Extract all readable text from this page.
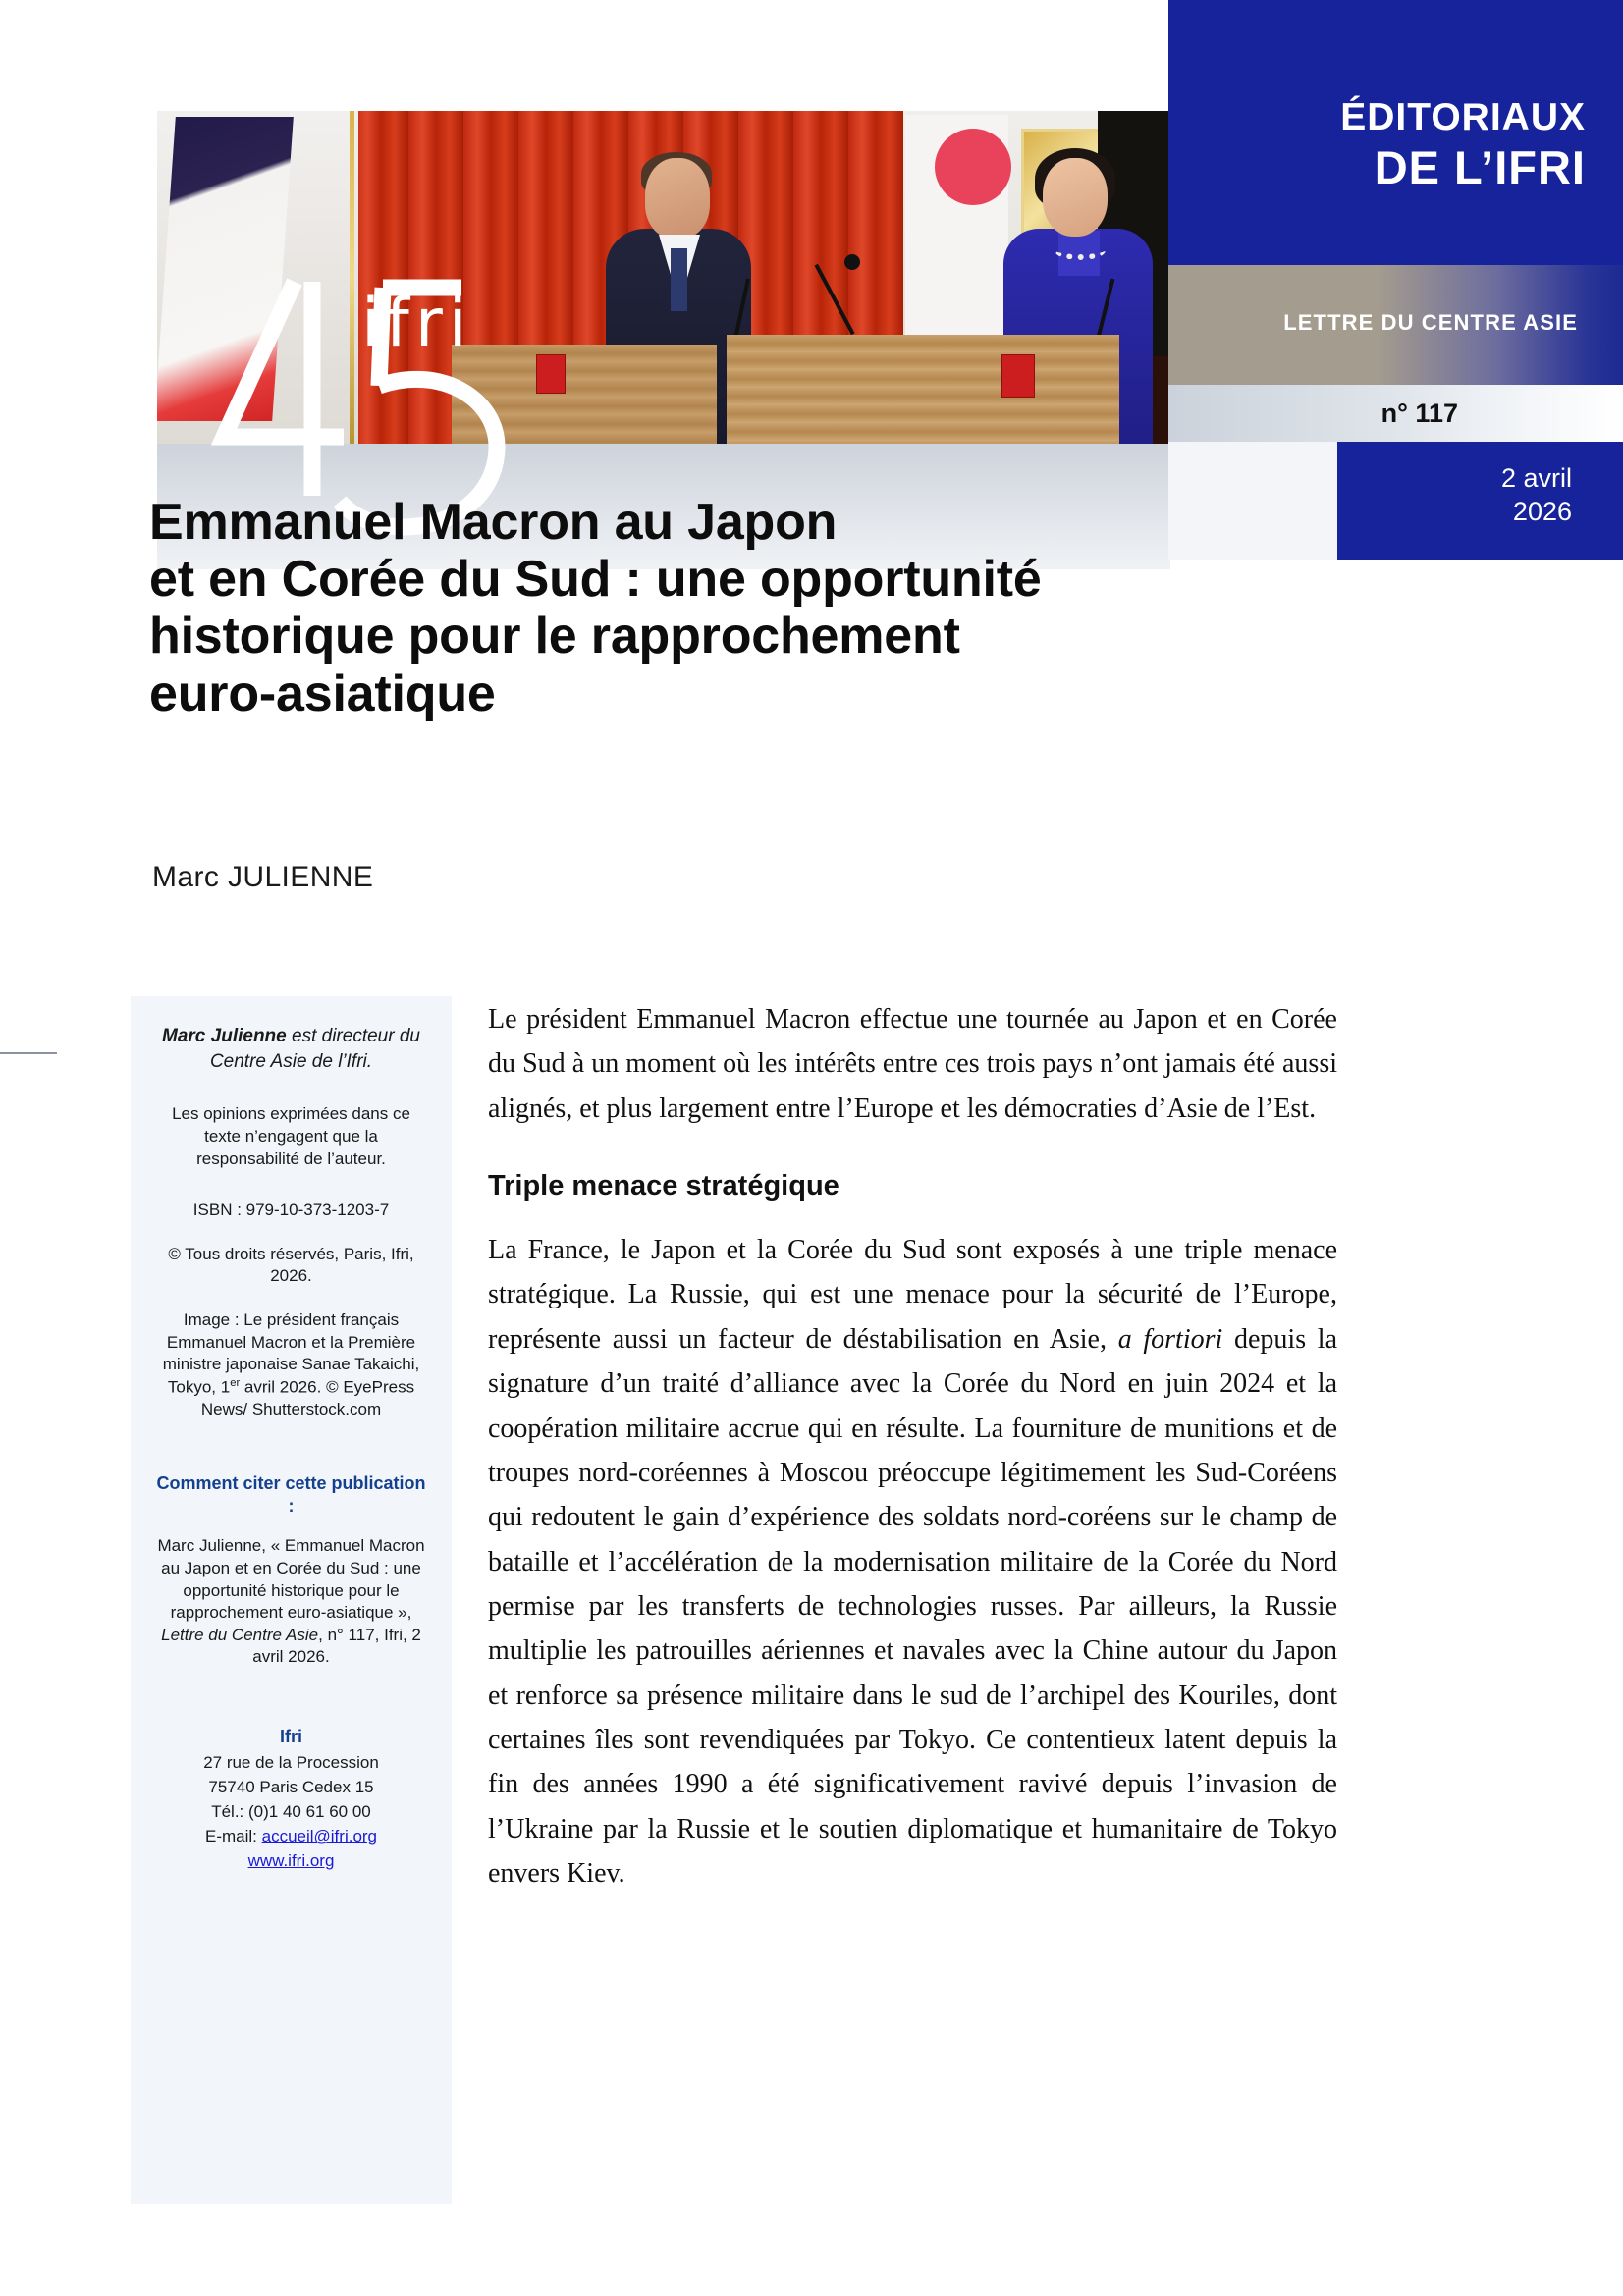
ifri
ÉDITORIAUX
DE L’IFRI
LETTRE DU CENTRE ASIE
n° 117
2 avril
2026
Emmanuel Macron au Japon
et en Corée du Sud : une opportunité
historique pour le rapprochement
euro-asiatique
Marc JULIENNE
Marc Julienne est directeur du Centre Asie de l’Ifri.
Les opinions exprimées dans ce texte n’engagent que la responsabilité de l’auteur.
ISBN : 979-10-373-1203-7
© Tous droits réservés, Paris, Ifri, 2026.
Image : Le président français Emmanuel Macron et la Première ministre japonaise Sanae Takaichi, Tokyo, 1er avril 2026. © EyePress News/ Shutterstock.com
Comment citer cette publication :
Marc Julienne, « Emmanuel Macron au Japon et en Corée du Sud : une opportunité historique pour le rapprochement euro-asiatique », Lettre du Centre Asie, n° 117, Ifri, 2 avril 2026.
Ifri
27 rue de la Procession
75740 Paris Cedex 15
Tél.: (0)1 40 61 60 00
E-mail: accueil@ifri.org
www.ifri.org

Le président Emmanuel Macron effectue une tournée au Japon et en Corée du Sud à un moment où les intérêts entre ces trois pays n’ont jamais été aussi alignés, et plus largement entre l’Europe et les démocraties d’Asie de l’Est.

Triple menace stratégique

La France, le Japon et la Corée du Sud sont exposés à une triple menace stratégique. La Russie, qui est une menace pour la sécurité de l’Europe, représente aussi un facteur de déstabilisation en Asie, a fortiori depuis la signature d’un traité d’alliance avec la Corée du Nord en juin 2024 et la coopération militaire accrue qui en résulte. La fourniture de munitions et de troupes nord-coréennes à Moscou préoccupe légitimement les Sud-Coréens qui redoutent le gain d’expérience des soldats nord-coréens sur le champ de bataille et l’accélération de la modernisation militaire de la Corée du Nord permise par les transferts de technologies russes. Par ailleurs, la Russie multiplie les patrouilles aériennes et navales avec la Chine autour du Japon et renforce sa présence militaire dans le sud de l’archipel des Kouriles, dont certaines îles sont revendiquées par Tokyo. Ce contentieux latent depuis la fin des années 1990 a été significativement ravivé depuis l’invasion de l’Ukraine par la Russie et le soutien diplomatique et humanitaire de Tokyo envers Kiev.
